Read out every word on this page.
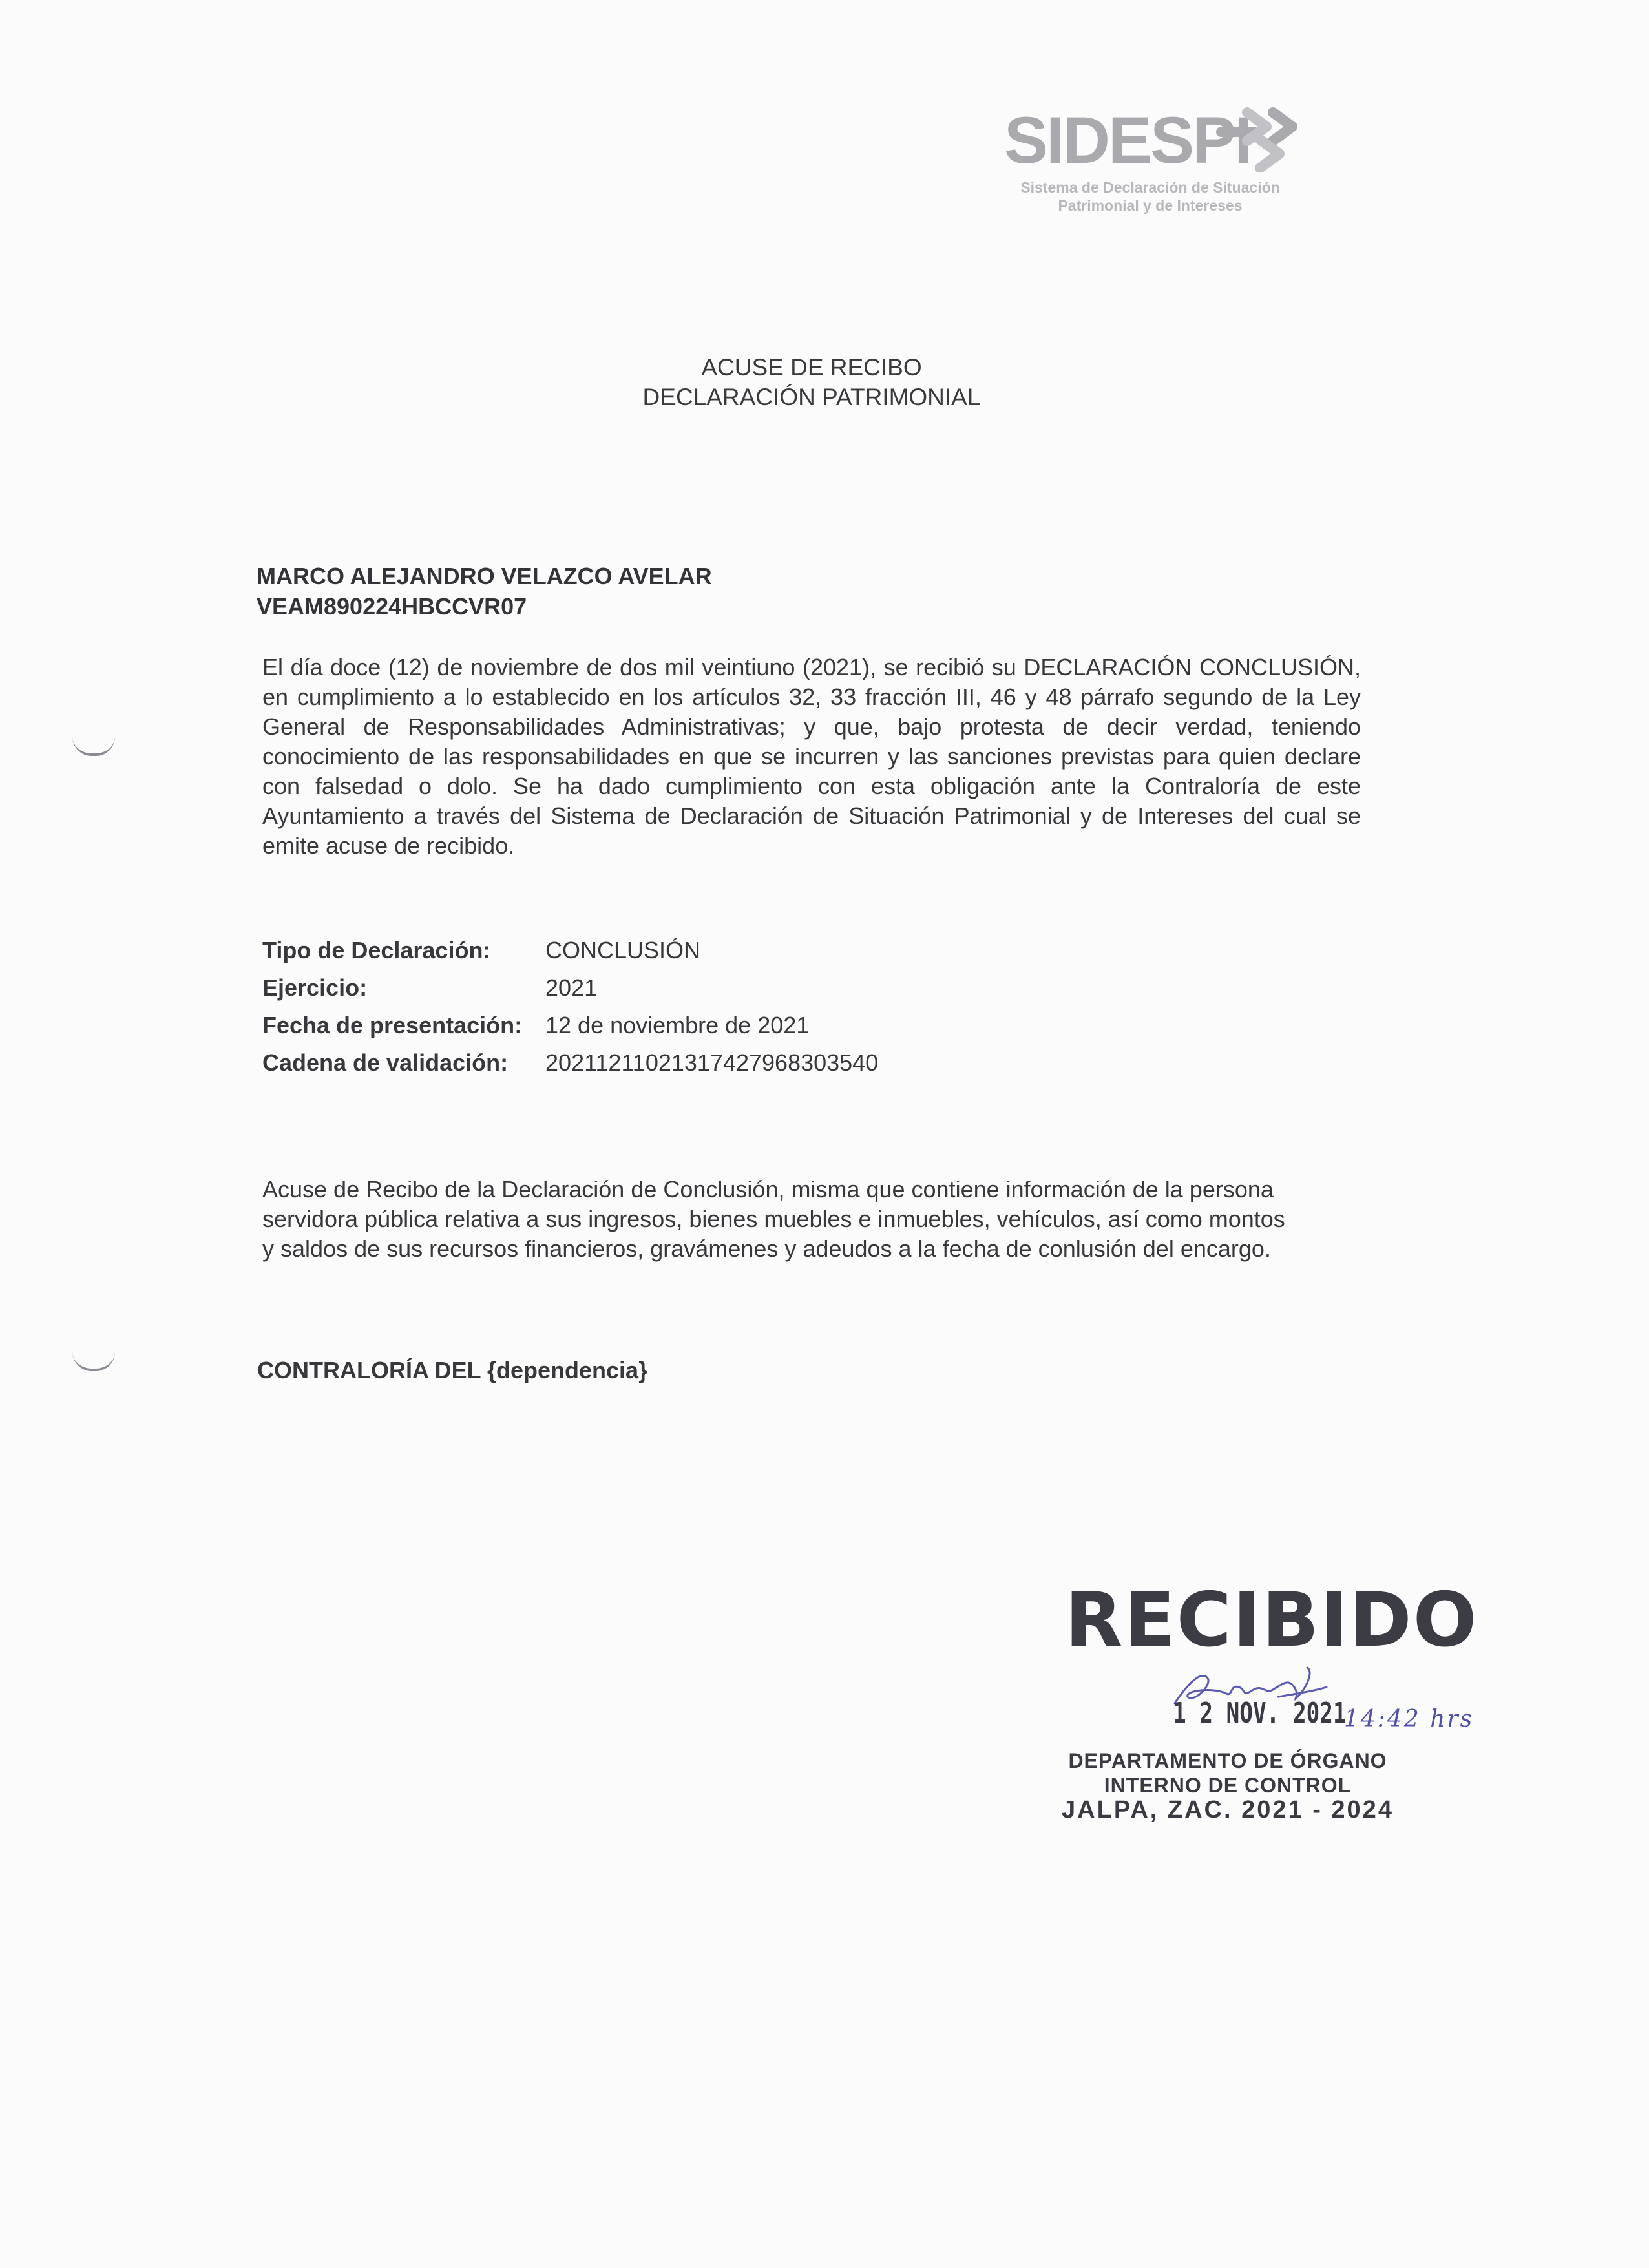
SIDESPI
Sistema de Declaración de Situación
Patrimonial y de Intereses
ACUSE DE RECIBO
DECLARACIÓN PATRIMONIAL
MARCO ALEJANDRO VELAZCO AVELAR
VEAM890224HBCCVR07
El día doce (12) de noviembre de dos mil veintiuno (2021), se recibió su DECLARACIÓN CONCLUSIÓN, en cumplimiento a lo establecido en los artículos 32, 33 fracción III, 46 y 48 párrafo segundo de la Ley General de Responsabilidades Administrativas; y que, bajo protesta de decir verdad, teniendo conocimiento de las responsabilidades en que se incurren y las sanciones previstas para quien declare con falsedad o dolo. Se ha dado cumplimiento con esta obligación ante la Contraloría de este Ayuntamiento a través del Sistema de Declaración de Situación Patrimonial y de Intereses del cual se emite acuse de recibido.
Tipo de Declaración:	CONCLUSIÓN
Ejercicio:	2021
Fecha de presentación: 12 de noviembre de 2021
Cadena de validación:	20211211021317427968303540
Acuse de Recibo de la Declaración de Conclusión, misma que contiene información de la persona
servidora pública relativa a sus ingresos, bienes muebles e inmuebles, vehículos, así como montos
y saldos de sus recursos financieros, gravámenes y adeudos a la fecha de conlusión del encargo.
CONTRALORÍA DEL {dependencia}
RECIBIDO
1 2 NOV. 2021
14:42 hrs
DEPARTAMENTO DE ÓRGANO
INTERNO DE CONTROL
JALPA, ZAC. 2021 - 2024
